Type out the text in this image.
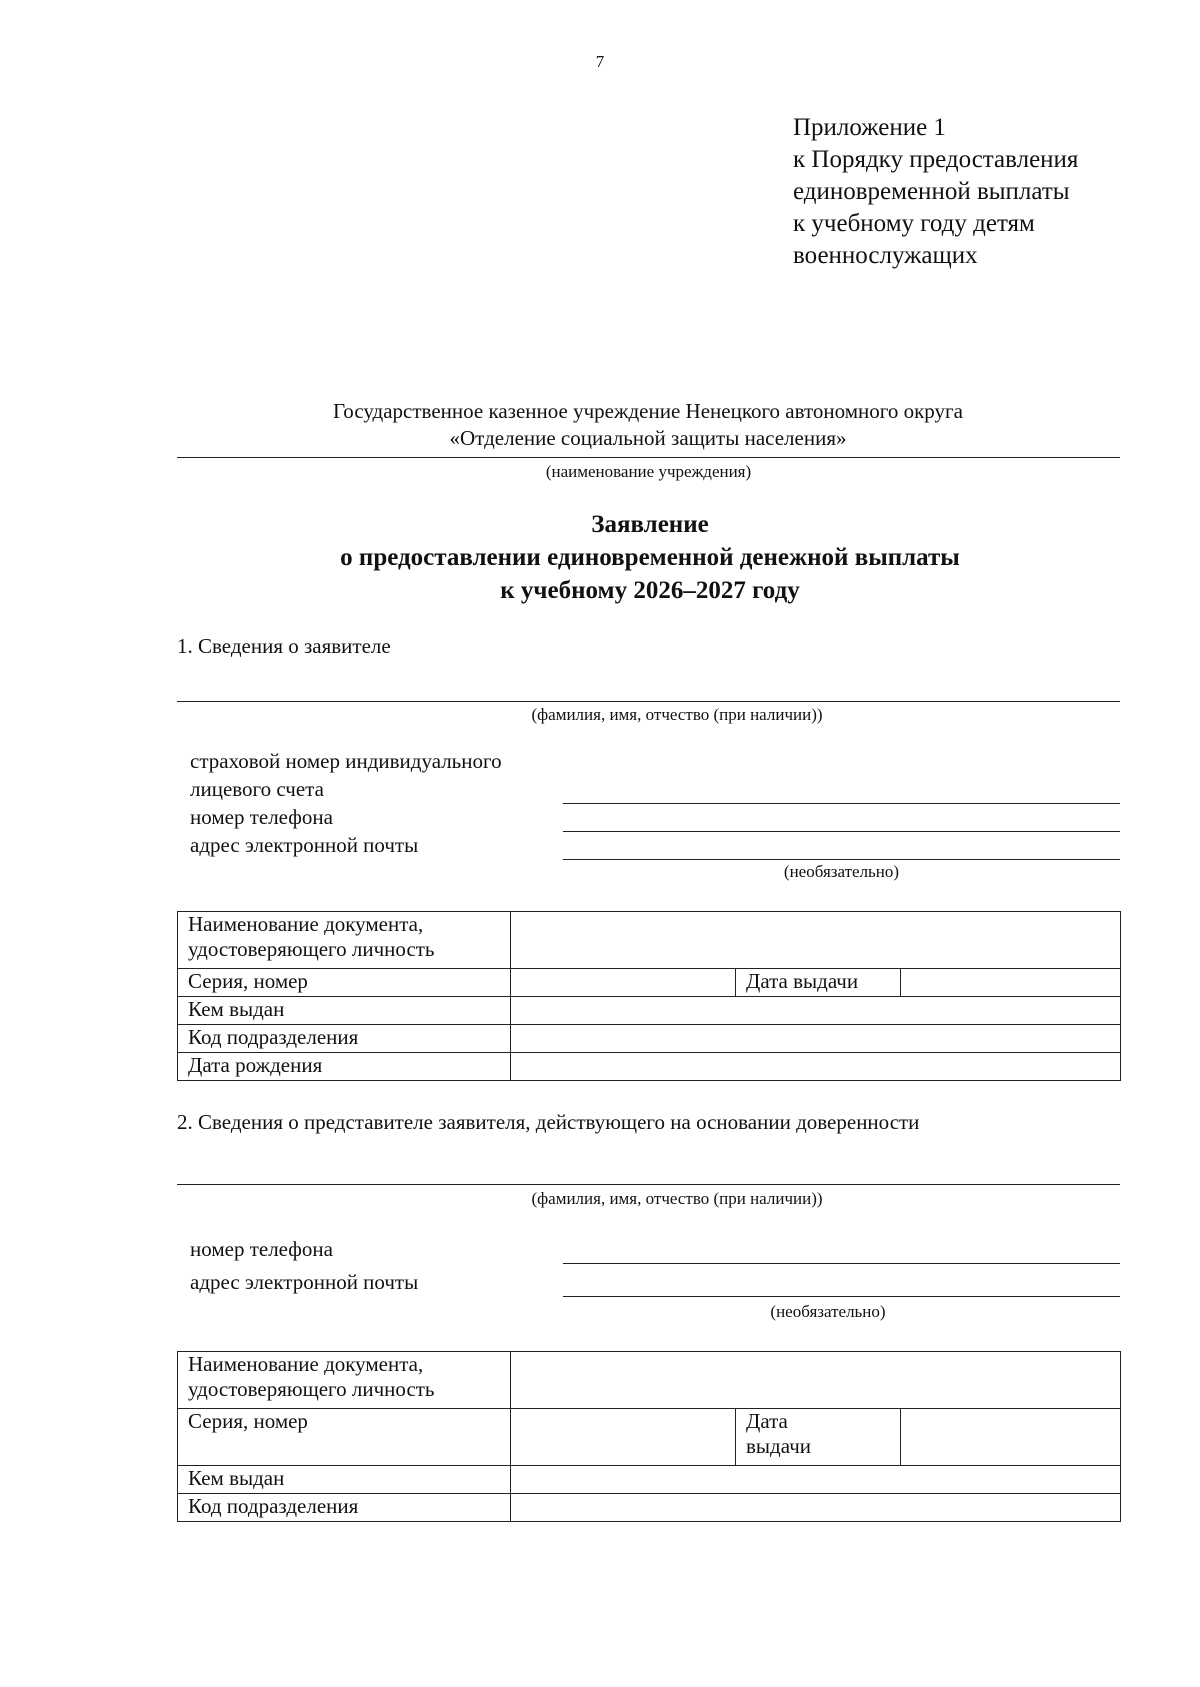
7
Приложение 1
к Порядку предоставления
единовременной выплаты
к учебному году детям
военнослужащих
Государственное казенное учреждение Ненецкого автономного округа
«Отделение социальной защиты населения»
(наименование учреждения)
Заявление
о предоставлении единовременной денежной выплаты
к учебному 2026–2027 году
1. Сведения о заявителе
(фамилия, имя, отчество (при наличии))
страховой номер индивидуального
лицевого счета
номер телефона
адрес электронной почты
(необязательно)
Наименование документа,
удостоверяющего личность			

Серия, номер		Дата выдачи	
Кем выдан			
Код подразделения			
Дата рождения			
2. Сведения о представителе заявителя, действующего на основании доверенности
(фамилия, имя, отчество (при наличии))
номер телефона
адрес электронной почты
(необязательно)
Наименование документа,
удостоверяющего личность			

Серия, номер		Дата
выдачи	

Кем выдан			
Код подразделения			
